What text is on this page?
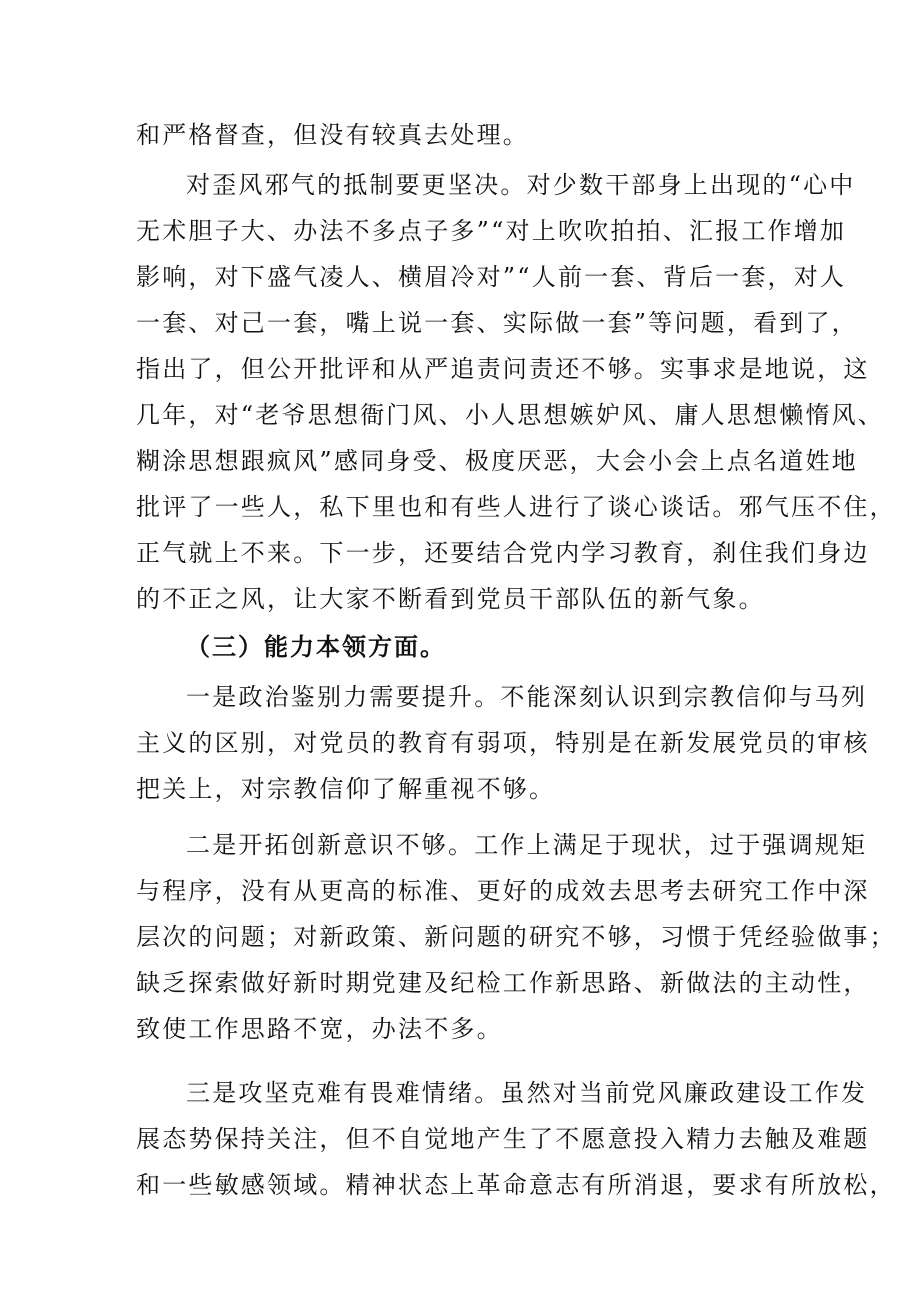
和严格督查，但没有较真去处理。
对歪风邪气的抵制要更坚决。对少数干部身上出现的“心中
无术胆子大、办法不多点子多”“对上吹吹拍拍、汇报工作增加
影响，对下盛气凌人、横眉冷对”“人前一套、背后一套，对人
一套、对己一套，嘴上说一套、实际做一套”等问题，看到了，
指出了，但公开批评和从严追责问责还不够。实事求是地说，这
几年，对“老爷思想衙门风、小人思想嫉妒风、庸人思想懒惰风、
糊涂思想跟疯风”感同身受、极度厌恶，大会小会上点名道姓地
批评了一些人，私下里也和有些人进行了谈心谈话。邪气压不住，
正气就上不来。下一步，还要结合党内学习教育，刹住我们身边
的不正之风，让大家不断看到党员干部队伍的新气象。
（三）能力本领方面。
一是政治鉴别力需要提升。不能深刻认识到宗教信仰与马列
主义的区别，对党员的教育有弱项，特别是在新发展党员的审核
把关上，对宗教信仰了解重视不够。
二是开拓创新意识不够。工作上满足于现状，过于强调规矩
与程序，没有从更高的标准、更好的成效去思考去研究工作中深
层次的问题；对新政策、新问题的研究不够，习惯于凭经验做事；
缺乏探索做好新时期党建及纪检工作新思路、新做法的主动性，
致使工作思路不宽，办法不多。
三是攻坚克难有畏难情绪。虽然对当前党风廉政建设工作发
展态势保持关注，但不自觉地产生了不愿意投入精力去触及难题
和一些敏感领域。精神状态上革命意志有所消退，要求有所放松，
